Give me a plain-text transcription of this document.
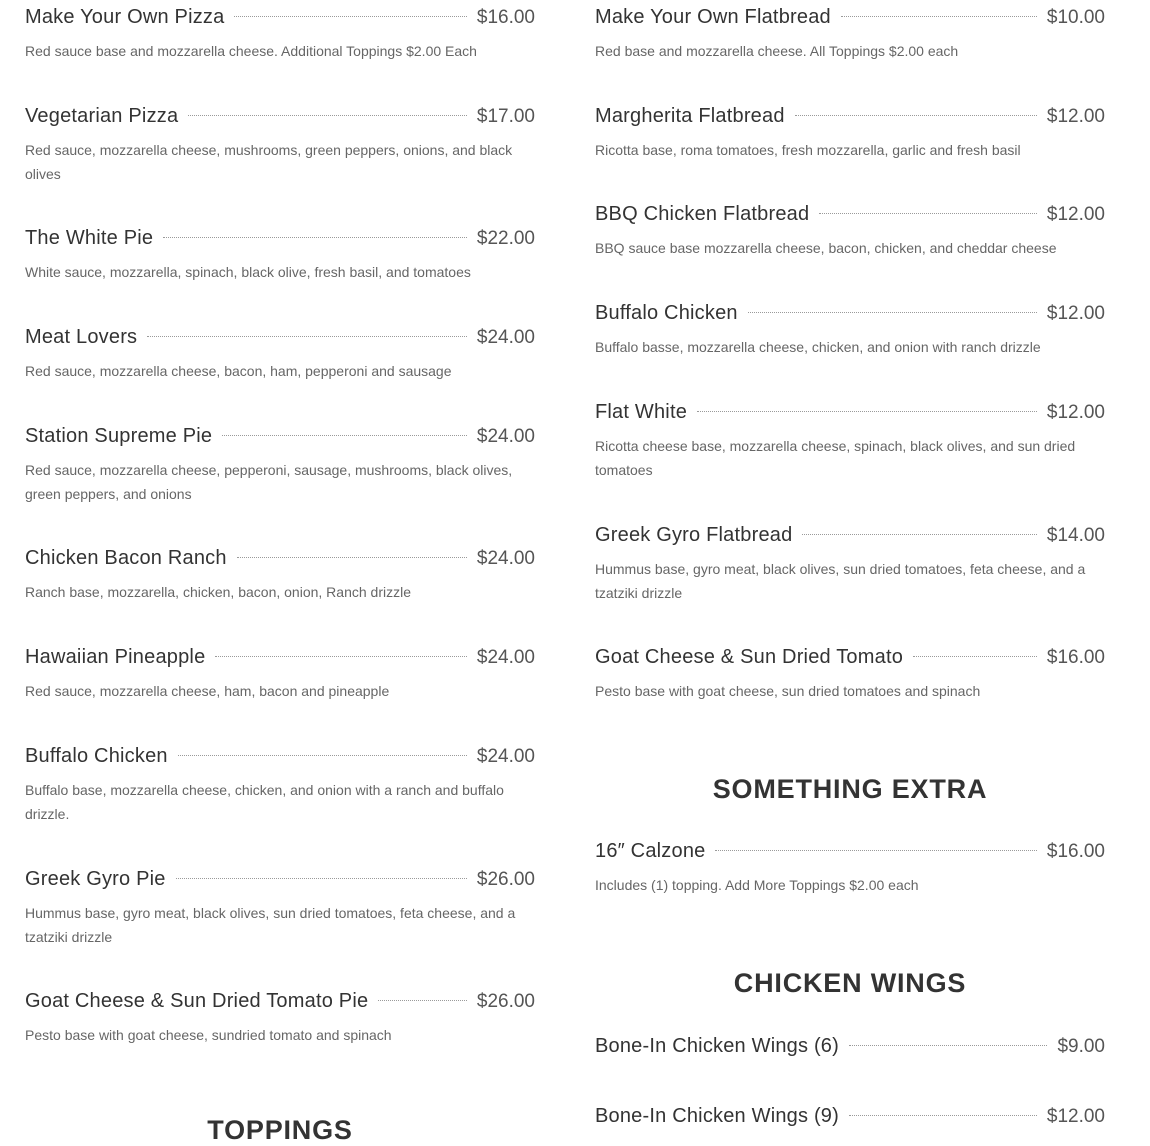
Make Your Own Pizza	$16.00
Red sauce base and mozzarella cheese. Additional Toppings $2.00 Each
Vegetarian Pizza	$17.00
Red sauce, mozzarella cheese, mushrooms, green peppers, onions, and black olives
The White Pie	$22.00
White sauce, mozzarella, spinach, black olive, fresh basil, and tomatoes
Meat Lovers	$24.00
Red sauce, mozzarella cheese, bacon, ham, pepperoni and sausage
Station Supreme Pie	$24.00
Red sauce, mozzarella cheese, pepperoni, sausage, mushrooms, black olives, green peppers, and onions
Chicken Bacon Ranch	$24.00
Ranch base, mozzarella, chicken, bacon, onion, Ranch drizzle
Hawaiian Pineapple	$24.00
Red sauce, mozzarella cheese, ham, bacon and pineapple
Buffalo Chicken	$24.00
Buffalo base, mozzarella cheese, chicken, and onion with a ranch and buffalo drizzle.
Greek Gyro Pie	$26.00
Hummus base, gyro meat, black olives, sun dried tomatoes, feta cheese, and a tzatziki drizzle
Goat Cheese & Sun Dried Tomato Pie	$26.00
Pesto base with goat cheese, sundried tomato and spinach
TOPPINGS
Make Your Own Flatbread	$10.00
Red base and mozzarella cheese. All Toppings $2.00 each
Margherita Flatbread	$12.00
Ricotta base, roma tomatoes, fresh mozzarella, garlic and fresh basil
BBQ Chicken Flatbread	$12.00
BBQ sauce base mozzarella cheese, bacon, chicken, and cheddar cheese
Buffalo Chicken	$12.00
Buffalo basse, mozzarella cheese, chicken, and onion with ranch drizzle
Flat White	$12.00
Ricotta cheese base, mozzarella cheese, spinach, black olives, and sun dried tomatoes
Greek Gyro Flatbread	$14.00
Hummus base, gyro meat, black olives, sun dried tomatoes, feta cheese, and a tzatziki drizzle
Goat Cheese & Sun Dried Tomato	$16.00
Pesto base with goat cheese, sun dried tomatoes and spinach
SOMETHING EXTRA
16″ Calzone	$16.00
Includes (1) topping. Add More Toppings $2.00 each
CHICKEN WINGS
Bone-In Chicken Wings (6)	$9.00
Bone-In Chicken Wings (9)	$12.00
